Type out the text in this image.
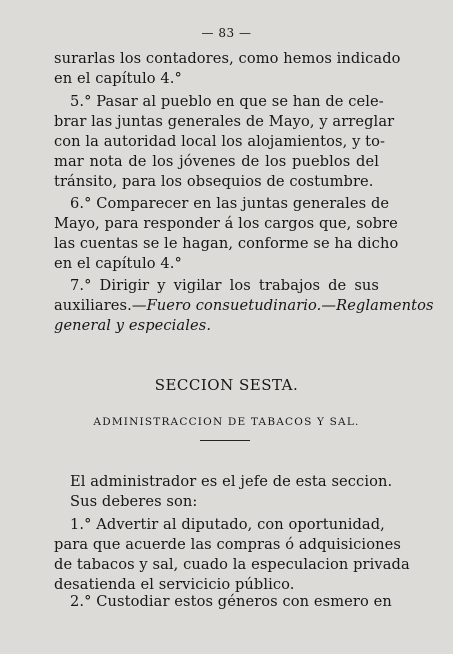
— 83 —
surarlas los contadores, como hemos indicado
en el capítulo 4.°
5.° Pasar al pueblo en que se han de cele-
brar las juntas generales de Mayo, y arreglar
con la autoridad local los alojamientos, y to-
mar nota de los jóvenes de los pueblos del
tránsito, para los obsequios de costumbre.
6.° Comparecer en las juntas generales de
Mayo, para responder á los cargos que, sobre
las cuentas se le hagan, conforme se ha dicho
en el capítulo 4.°
7.° Dirigir y vigilar los trabajos de sus
auxiliares.—Fuero consuetudinario.—Reglamentos
general y especiales.
SECCION SESTA.
ADMINISTRACCION DE TABACOS Y SAL.
El administrador es el jefe de esta seccion.
Sus deberes son:
1.° Advertir al diputado, con oportunidad,
para que acuerde las compras ó adquisiciones
de tabacos y sal, cuado la especulacion privada
desatienda el servicicio público.
2.° Custodiar estos géneros con esmero en
